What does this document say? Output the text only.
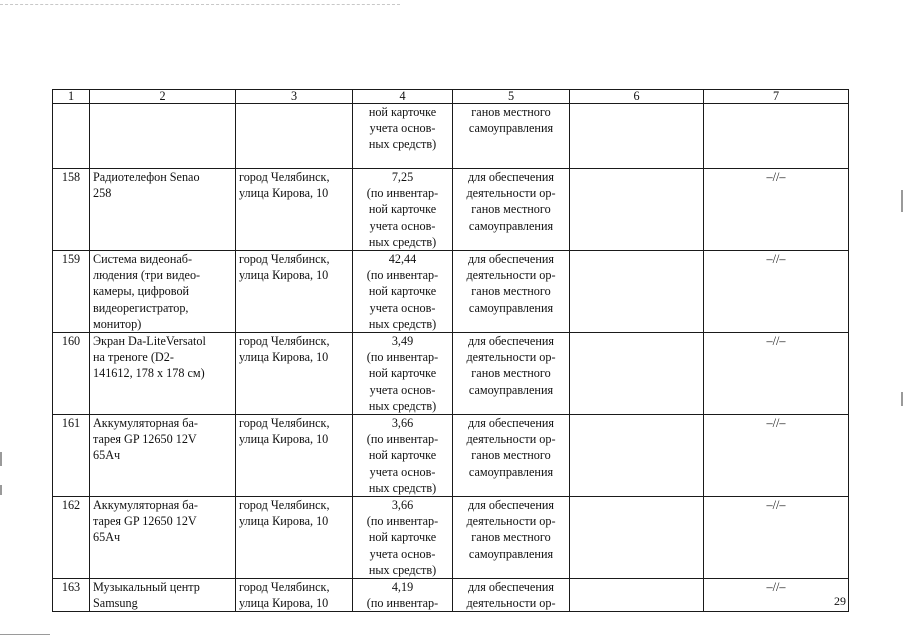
1	2	3	4	5	6	7

			ной карточке
учета основ-
ных средств)	ганов местного
самоуправления		

158	Радиотелефон Senao
258	город Челябинск,
улица Кирова, 10	7,25
(по инвентар-
ной карточке
учета основ-
ных средств)	для обеспечения
деятельности ор-
ганов местного
самоуправления		–//–
159	Система видеонаб-
людения (три видео-
камеры, цифровой
видеорегистратор,
монитор)	город Челябинск,
улица Кирова, 10	42,44
(по инвентар-
ной карточке
учета основ-
ных средств)	для обеспечения
деятельности ор-
ганов местного
самоуправления		–//–
160	Экран Da-LiteVersatol
на треноге (D2-
141612, 178 x 178 см)	город Челябинск,
улица Кирова, 10	3,49
(по инвентар-
ной карточке
учета основ-
ных средств)	для обеспечения
деятельности ор-
ганов местного
самоуправления		–//–
161	Аккумуляторная ба-
тарея GP 12650 12V
65Ач	город Челябинск,
улица Кирова, 10	3,66
(по инвентар-
ной карточке
учета основ-
ных средств)	для обеспечения
деятельности ор-
ганов местного
самоуправления		–//–
162	Аккумуляторная ба-
тарея GP 12650 12V
65Ач	город Челябинск,
улица Кирова, 10	3,66
(по инвентар-
ной карточке
учета основ-
ных средств)	для обеспечения
деятельности ор-
ганов местного
самоуправления		–//–
163	Музыкальный центр
Samsung	город Челябинск,
улица Кирова, 10	4,19
(по инвентар-	для обеспечения
деятельности ор-		–//–
29
